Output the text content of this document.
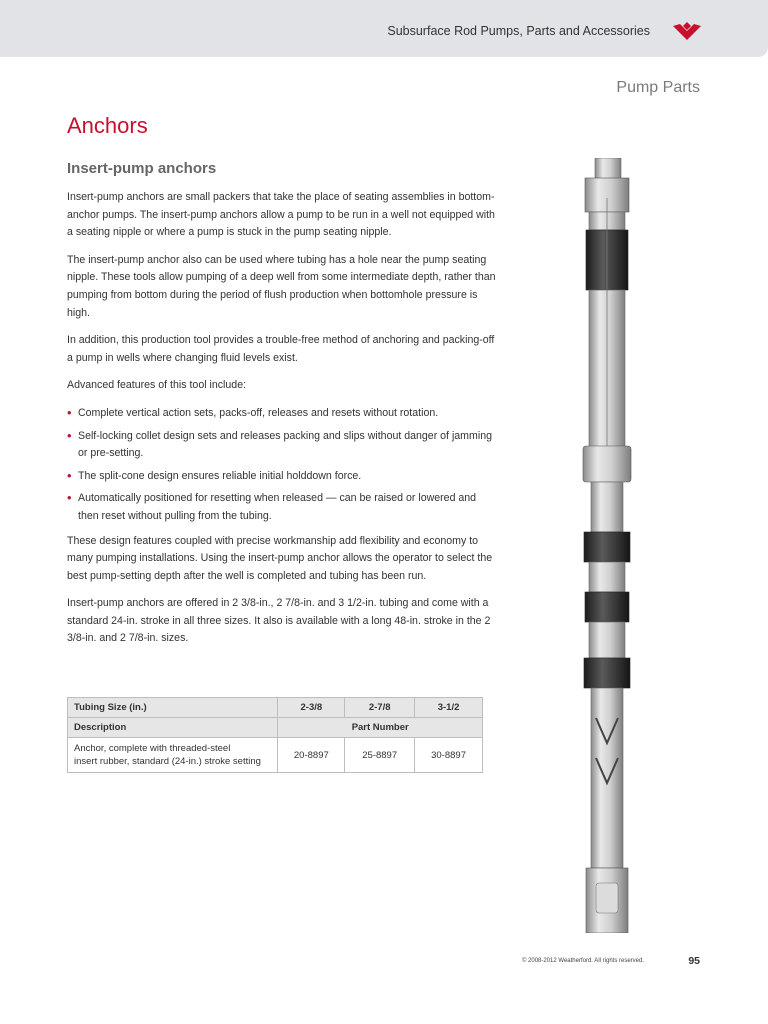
Subsurface Rod Pumps, Parts and Accessories
Pump Parts
Anchors
Insert-pump anchors

Insert-pump anchors are small packers that take the place of seating assemblies in bottom-anchor pumps. The insert-pump anchors allow a pump to be run in a well not equipped with a seating nipple or where a pump is stuck in the pump seating nipple.

The insert-pump anchor also can be used where tubing has a hole near the pump seating nipple. These tools allow pumping of a deep well from some intermediate depth, rather than pumping from bottom during the period of flush production when bottomhole pressure is high.

In addition, this production tool provides a trouble-free method of anchoring and packing-off a pump in wells where changing fluid levels exist.

Advanced features of this tool include:

• Complete vertical action sets, packs-off, releases and resets without rotation.
• Self-locking collet design sets and releases packing and slips without danger of jamming or pre-setting.
• The split-cone design ensures reliable initial holddown force.
• Automatically positioned for resetting when released — can be raised or lowered and then reset without pulling from the tubing.

These design features coupled with precise workmanship add flexibility and economy to many pumping installations. Using the insert-pump anchor allows the operator to select the best pump-setting depth after the well is completed and tubing has been run.

Insert-pump anchors are offered in 2 3/8-in., 2 7/8-in. and 3 1/2-in. tubing and come with a standard 24-in. stroke in all three sizes. It also is available with a long 48-in. stroke in the 2 3/8-in. and 2 7/8-in. sizes.

Tubing Size (in.)	2-3/8	2-7/8	3-1/2
Description	Part Number		
Anchor, complete with threaded-steel
insert rubber, standard (24-in.) stroke setting	20-8897	25-8897	30-8897
© 2008-2012 Weatherford. All rights reserved.	95
